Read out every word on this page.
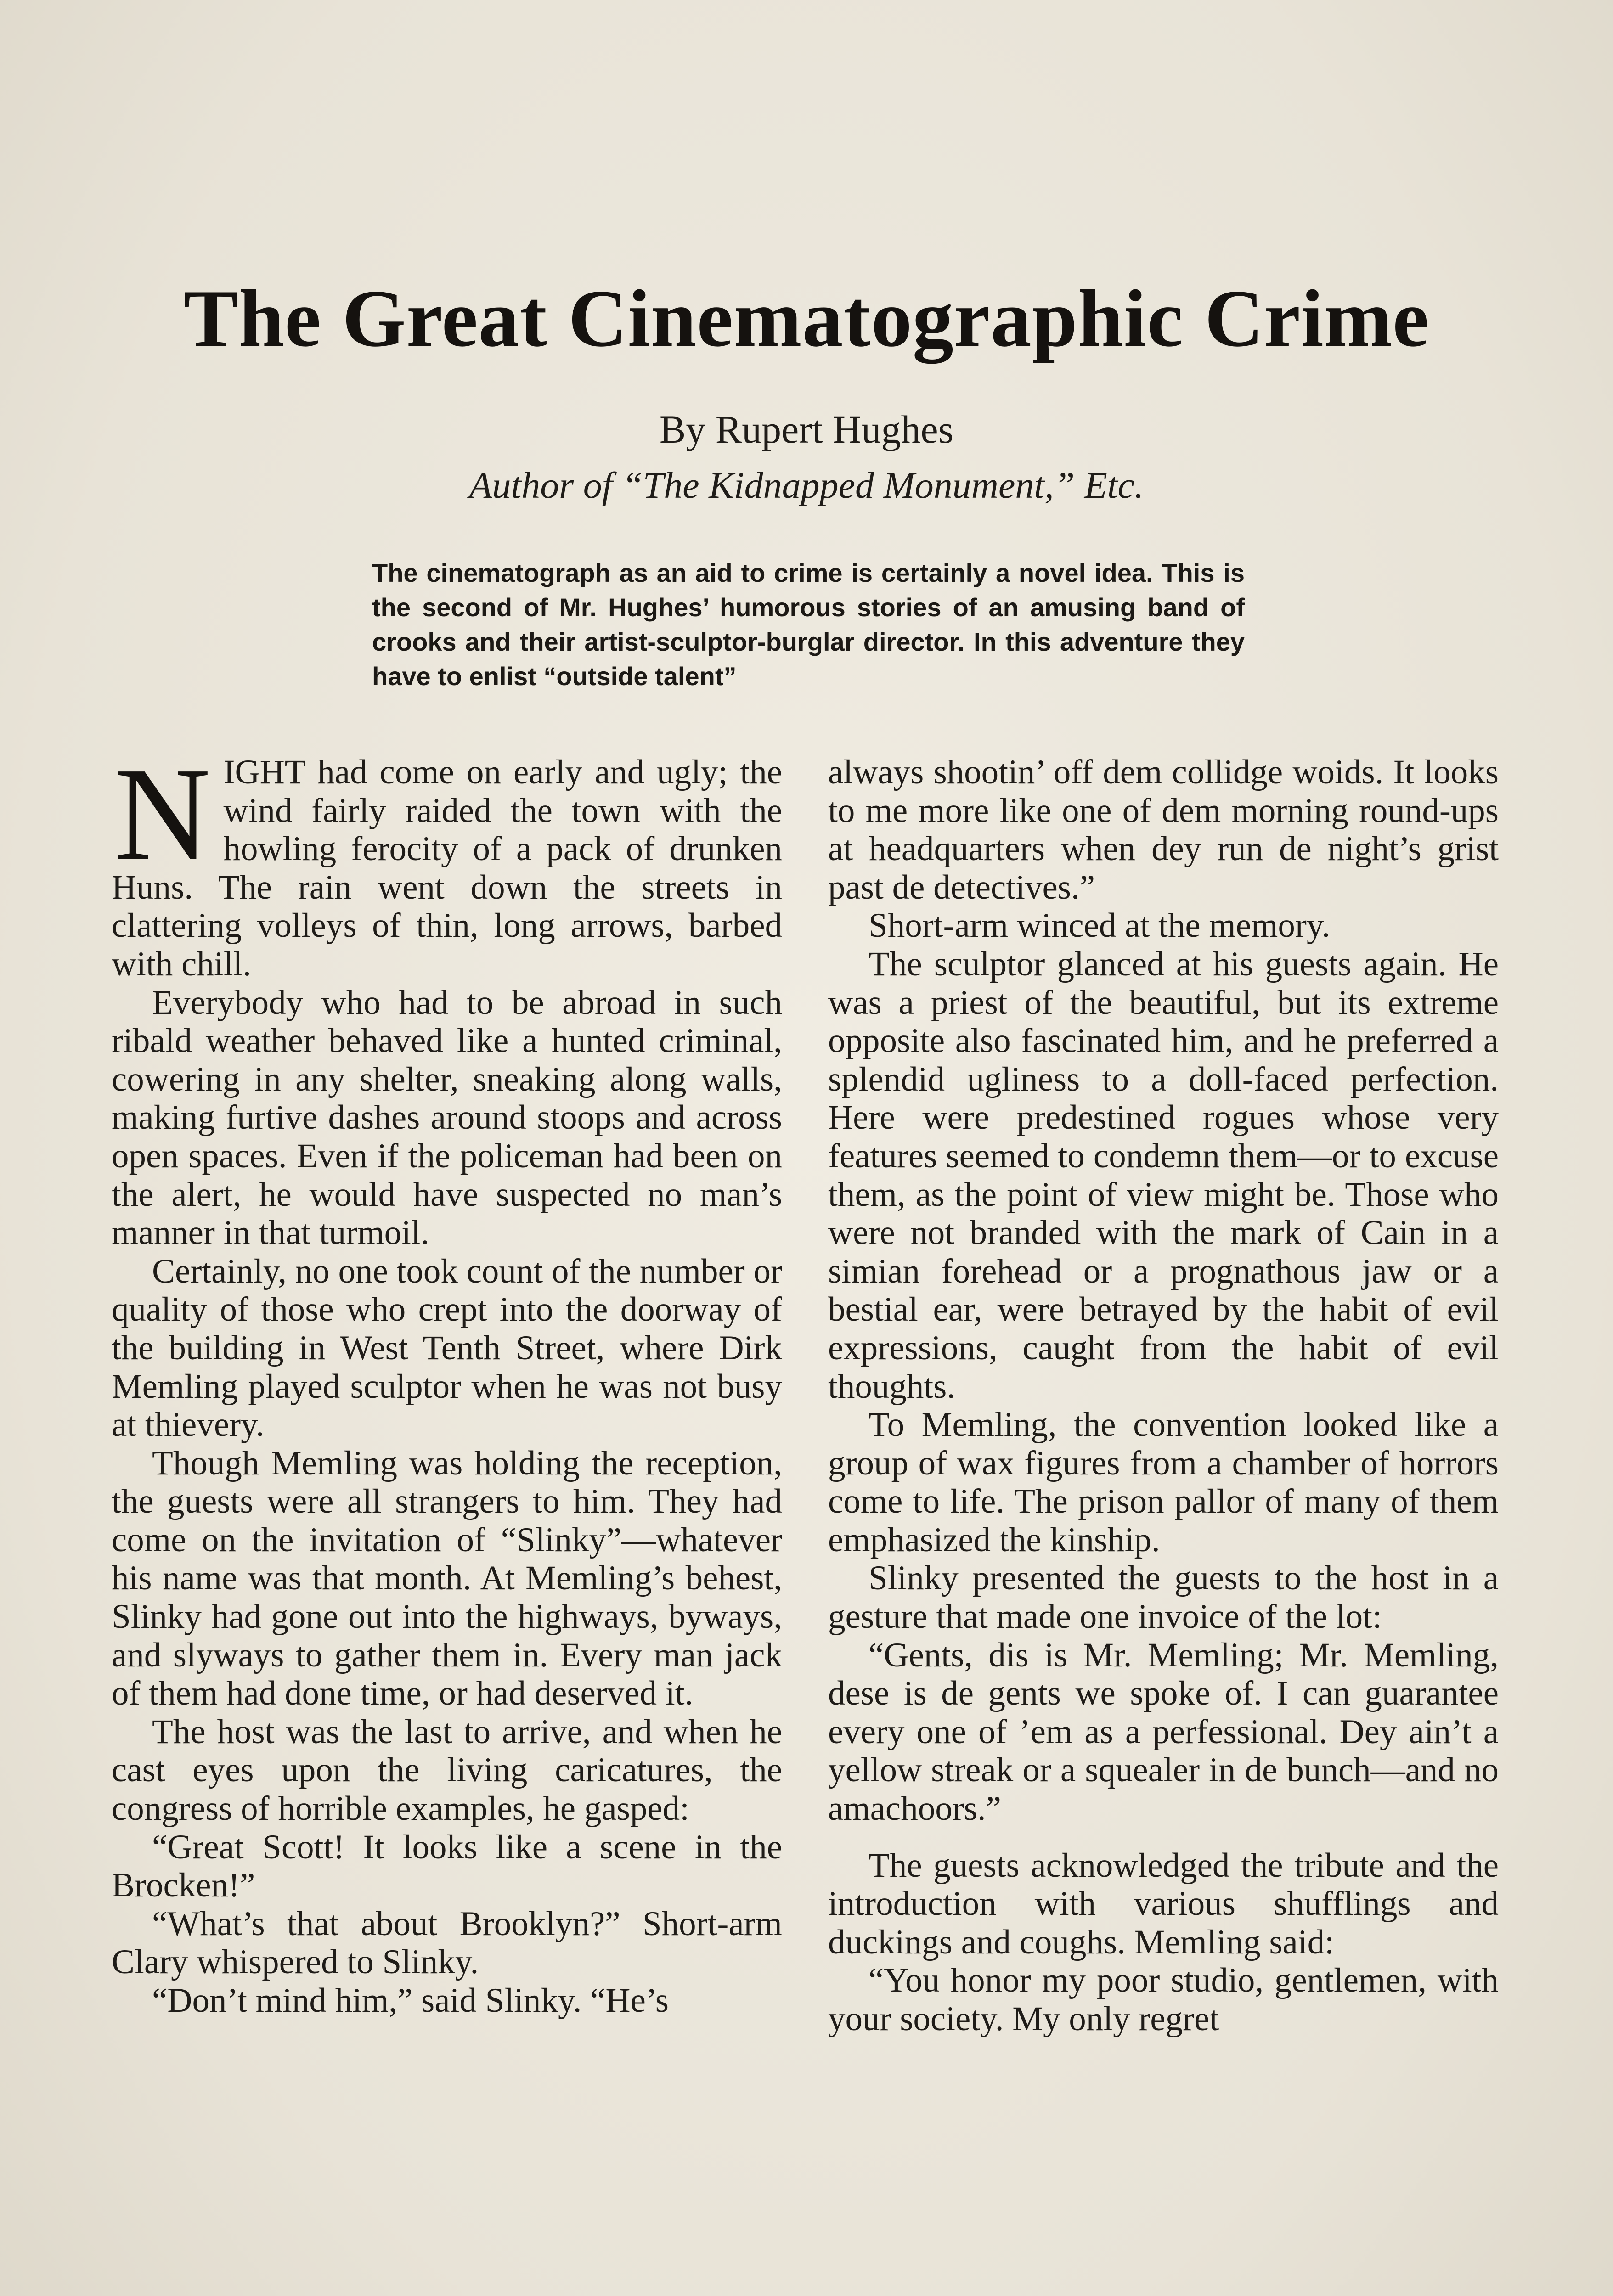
The Great Cinematographic Crime
By Rupert Hughes
Author of “The Kidnapped Monument,” Etc.
The cinematograph as an aid to crime is certainly a novel idea. This is the second of Mr. Hughes’ humorous stories of an amusing band of crooks and their artist-sculptor-burglar director. In this adventure they have to enlist “outside talent”

NIGHT had come on early and ugly; the wind fairly raided the town with the howling ferocity of a pack of drunken Huns. The rain went down the streets in clattering volleys of thin, long arrows, barbed with chill.

Everybody who had to be abroad in such ribald weather behaved like a hunted criminal, cowering in any shelter, sneaking along walls, making furtive dashes around stoops and across open spaces. Even if the policeman had been on the alert, he would have suspected no man’s manner in that turmoil.

Certainly, no one took count of the number or quality of those who crept into the doorway of the building in West Tenth Street, where Dirk Memling played sculptor when he was not busy at thievery.

Though Memling was holding the reception, the guests were all strangers to him. They had come on the invitation of “Slinky”—whatever his name was that month. At Memling’s behest, Slinky had gone out into the highways, byways, and slyways to gather them in. Every man jack of them had done time, or had deserved it.

The host was the last to arrive, and when he cast eyes upon the living caricatures, the congress of horrible examples, he gasped:

“Great Scott! It looks like a scene in the Brocken!”

“What’s that about Brooklyn?” Short-arm Clary whispered to Slinky.

“Don’t mind him,” said Slinky. “He’s

always shootin’ off dem collidge woids. It looks to me more like one of dem morning round-ups at headquarters when dey run de night’s grist past de detectives.”

Short-arm winced at the memory.

The sculptor glanced at his guests again. He was a priest of the beautiful, but its extreme opposite also fascinated him, and he preferred a splendid ugliness to a doll-faced perfection. Here were predestined rogues whose very features seemed to condemn them—or to excuse them, as the point of view might be. Those who were not branded with the mark of Cain in a simian forehead or a prognathous jaw or a bestial ear, were betrayed by the habit of evil expressions, caught from the habit of evil thoughts.

To Memling, the convention looked like a group of wax figures from a chamber of horrors come to life. The prison pallor of many of them emphasized the kinship.

Slinky presented the guests to the host in a gesture that made one invoice of the lot:

“Gents, dis is Mr. Memling; Mr. Memling, dese is de gents we spoke of. I can guarantee every one of ’em as a perfessional. Dey ain’t a yellow streak or a squealer in de bunch—and no amachoors.”

The guests acknowledged the tribute and the introduction with various shufflings and duckings and coughs. Memling said:

“You honor my poor studio, gentlemen, with your society. My only regret
